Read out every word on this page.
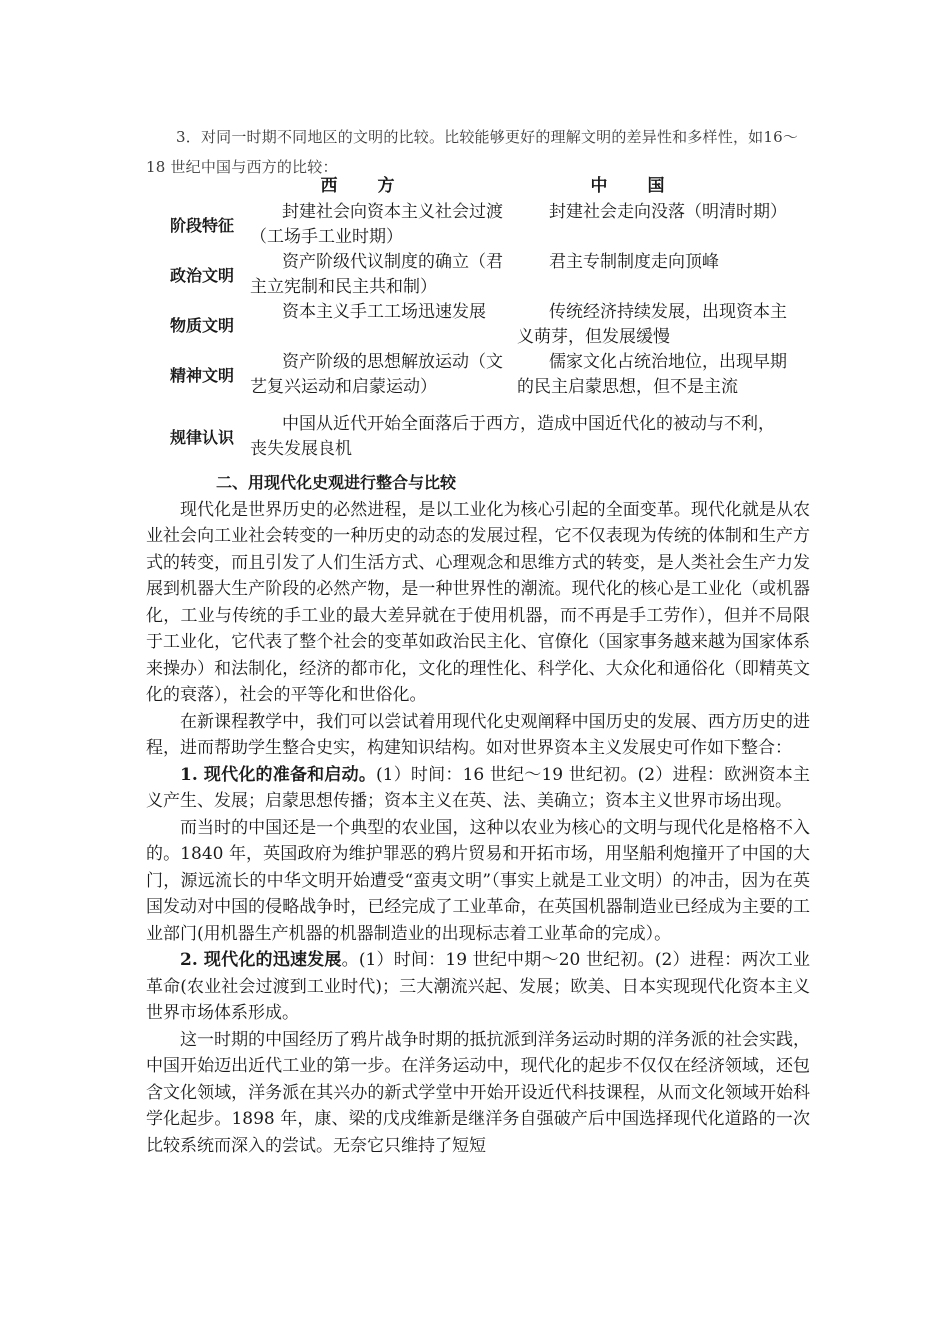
3．对同一时期不同地区的文明的比较。比较能够更好的理解文明的差异性和多样性，如16～18 世纪中国与西方的比较：

	西方	中国
阶段特征	封建社会向资本主义社会过渡（工场手工业时期）	封建社会走向没落（明清时期）
政治文明	资产阶级代议制度的确立（君主立宪制和民主共和制）	君主专制制度走向顶峰
物质文明	资本主义手工工场迅速发展	传统经济持续发展，出现资本主义萌芽，但发展缓慢
精神文明	资产阶级的思想解放运动（文艺复兴运动和启蒙运动）	儒家文化占统治地位，出现早期的民主启蒙思想，但不是主流
规律认识	中国从近代开始全面落后于西方，造成中国近代化的被动与不利，丧失发展良机	

二、用现代化史观进行整合与比较

现代化是世界历史的必然进程，是以工业化为核心引起的全面变革。现代化就是从农业社会向工业社会转变的一种历史的动态的发展过程，它不仅表现为传统的体制和生产方式的转变，而且引发了人们生活方式、心理观念和思维方式的转变，是人类社会生产力发展到机器大生产阶段的必然产物，是一种世界性的潮流。现代化的核心是工业化（或机器化，工业与传统的手工业的最大差异就在于使用机器，而不再是手工劳作），但并不局限于工业化，它代表了整个社会的变革如政治民主化、官僚化（国家事务越来越为国家体系来操办）和法制化，经济的都市化，文化的理性化、科学化、大众化和通俗化（即精英文化的衰落），社会的平等化和世俗化。

在新课程教学中，我们可以尝试着用现代化史观阐释中国历史的发展、西方历史的进程，进而帮助学生整合史实，构建知识结构。如对世界资本主义发展史可作如下整合：

1. 现代化的准备和启动。(1）时间：16 世纪～19 世纪初。(2）进程：欧洲资本主义产生、发展；启蒙思想传播；资本主义在英、法、美确立；资本主义世界市场出现。

而当时的中国还是一个典型的农业国，这种以农业为核心的文明与现代化是格格不入的。1840 年，英国政府为维护罪恶的鸦片贸易和开拓市场，用坚船利炮撞开了中国的大门，源远流长的中华文明开始遭受“蛮夷文明”（事实上就是工业文明）的冲击，因为在英国发动对中国的侵略战争时，已经完成了工业革命，在英国机器制造业已经成为主要的工业部门(用机器生产机器的机器制造业的出现标志着工业革命的完成）。

2. 现代化的迅速发展。(1）时间：19 世纪中期～20 世纪初。(2）进程：两次工业革命(农业社会过渡到工业时代)；三大潮流兴起、发展；欧美、日本实现现代化资本主义世界市场体系形成。

这一时期的中国经历了鸦片战争时期的抵抗派到洋务运动时期的洋务派的社会实践，中国开始迈出近代工业的第一步。在洋务运动中，现代化的起步不仅仅在经济领域，还包含文化领域，洋务派在其兴办的新式学堂中开始开设近代科技课程，从而文化领域开始科学化起步。1898 年，康、梁的戊戌维新是继洋务自强破产后中国选择现代化道路的一次比较系统而深入的尝试。无奈它只维持了短短
